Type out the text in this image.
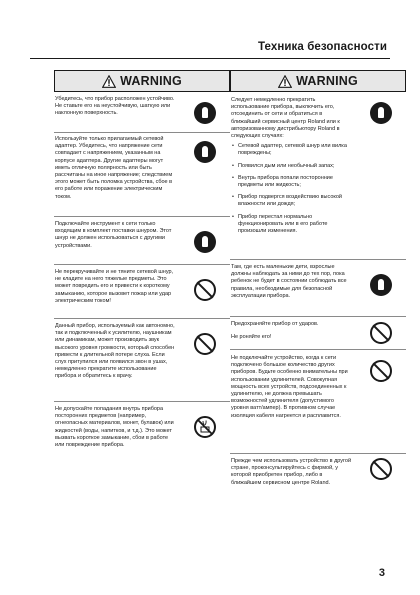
Техника безопасности
WARNING
Убедитесь, что прибор расположен устойчиво. Не ставьте его на неустойчивую, шаткую или наклонную поверхность.
Используйте только прилагаемый сетевой адаптер. Убедитесь, что напряжение сети совпадает с напряжением, указанным на корпусе адаптера. Другие адаптеры могут иметь отличную полярность или быть рассчитаны на иное напряжение; следствием этого может быть поломка устройства, сбое в его работе или поражение электрическим током.
Подключайте инструмент к сети только входящим в комплект поставки шнуром. Этот шнур не должен использоваться с другими устройствами.
Не перекручивайте и не тяните сетевой шнур, не кладите на него тяжелые предметы. Это может повредить его и привести к короткому замыканию, которое вызовет пожар или удар электрическим током!
Данный прибор, используемый как автономно, так и подключенный к усилителю, наушникам или динамикам, может производить звук высокого уровня громкости, который способен привести к длительной потере слуха. Если слух притупился или появился звон в ушах, немедленно прекратите использование прибора и обратитесь к врачу.
Не допускайте попадания внутрь прибора посторонних предметов (например, огнеопасных материалов, монет, булавок) или жидкостей (воды, напитков, и т.д.). Это может вызвать короткое замыкание, сбои в работе или повреждение прибора.
WARNING

Следует немедленно прекратить использование прибора, выключить его, отсоединить от сети и обратиться в ближайший сервисный центр Roland или к авторизованному дистрибьютору Roland в следующих случаях:

• Сетевой адаптер, сетевой шнур или вилка повреждены;
• Появился дым или необычный запах;
• Внутрь прибора попали посторонние предметы или жидкость;
• Прибор подвергся воздействию высокой влажности или дождя;
• Прибор перестал нормально функционировать или в его работе произошли изменения.
Там, где есть маленькие дети, взрослые должны наблюдать за ними до тех пор, пока ребенок не будет в состоянии соблюдать все правила, необходимые для безопасной эксплуатации прибора.

Предохраняйте прибор от ударов.

Не роняйте его!

Не подключайте устройство, когда к сети подключено большое количество других приборов. Будьте особенно внимательны при использовании удлинителей. Совокупная мощность всех устройств, подсоединенных к удлинителю, не должна превышать возможностей удлинителя (допустимого уровня ватт/ампер). В противном случае изоляция кабеля нагреется и расплавится.
Прежде чем использовать устройство в другой стране, проконсультируйтесь с фирмой, у которой приобретен прибор, либо в ближайшем сервисном центре Roland.
3
